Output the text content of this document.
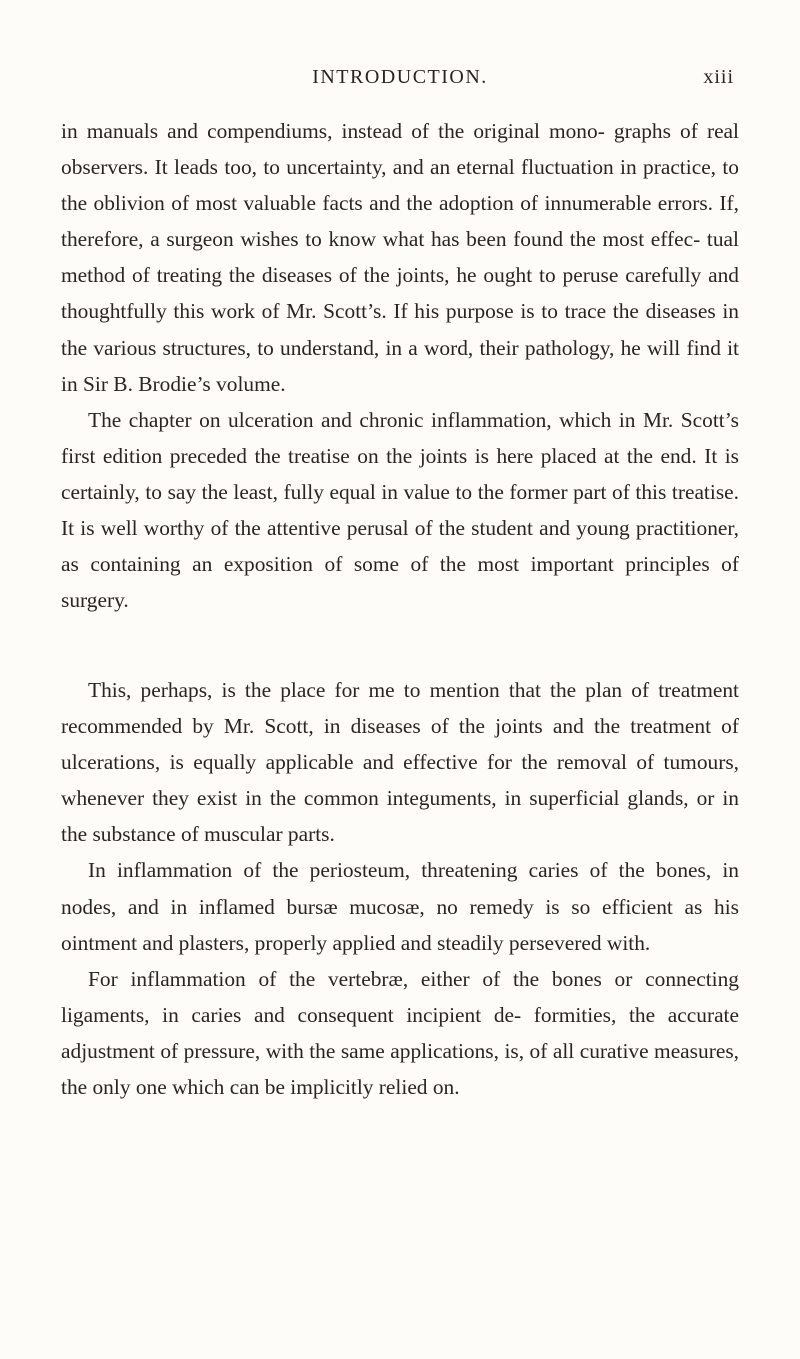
INTRODUCTION.	xiii

in manuals and compendiums, instead of the original mono- graphs of real observers. It leads too, to uncertainty, and an eternal fluctuation in practice, to the oblivion of most valuable facts and the adoption of innumerable errors. If, therefore, a surgeon wishes to know what has been found the most effec- tual method of treating the diseases of the joints, he ought to peruse carefully and thoughtfully this work of Mr. Scott’s. If his purpose is to trace the diseases in the various structures, to understand, in a word, their pathology, he will find it in Sir B. Brodie’s volume.

The chapter on ulceration and chronic inflammation, which in Mr. Scott’s first edition preceded the treatise on the joints is here placed at the end. It is certainly, to say the least, fully equal in value to the former part of this treatise. It is well worthy of the attentive perusal of the student and young practitioner, as containing an exposition of some of the most important principles of surgery.

This, perhaps, is the place for me to mention that the plan of treatment recommended by Mr. Scott, in diseases of the joints and the treatment of ulcerations, is equally applicable and effective for the removal of tumours, whenever they exist in the common integuments, in superficial glands, or in the substance of muscular parts.

In inflammation of the periosteum, threatening caries of the bones, in nodes, and in inflamed bursæ mucosæ, no remedy is so efficient as his ointment and plasters, properly applied and steadily persevered with.

For inflammation of the vertebræ, either of the bones or connecting ligaments, in caries and consequent incipient de- formities, the accurate adjustment of pressure, with the same applications, is, of all curative measures, the only one which can be implicitly relied on.
